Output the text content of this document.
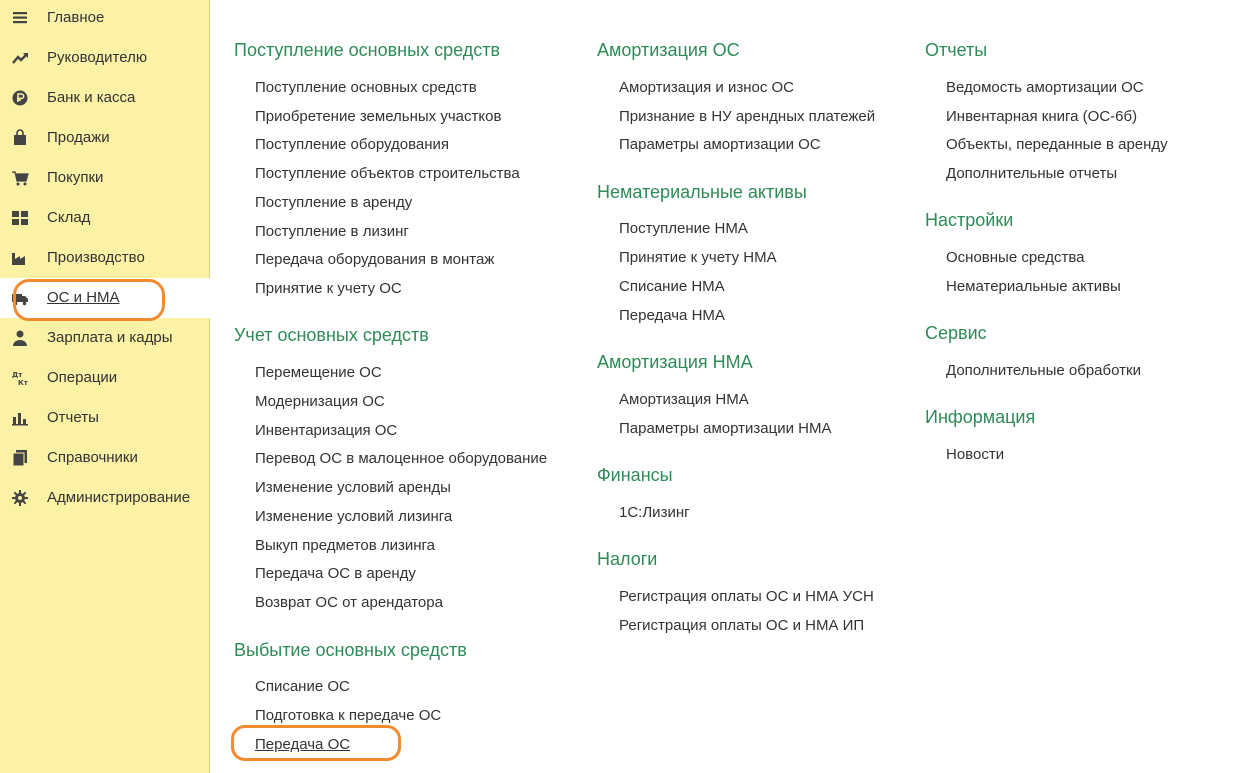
Главное
Руководителю
Банк и касса
Продажи
Покупки
Склад
Производство
ОС и НМА
Зарплата и кадры
Дт
Кт Операции
Отчеты
Справочники
Администрирование
Поступление основных средств
Поступление основных средств
Приобретение земельных участков
Поступление оборудования
Поступление объектов строительства
Поступление в аренду
Поступление в лизинг
Передача оборудования в монтаж
Принятие к учету ОС
Учет основных средств
Перемещение ОС
Модернизация ОС
Инвентаризация ОС
Перевод ОС в малоценное оборудование
Изменение условий аренды
Изменение условий лизинга
Выкуп предметов лизинга
Передача ОС в аренду
Возврат ОС от арендатора
Выбытие основных средств
Списание ОС
Подготовка к передаче ОС
Передача ОС
Амортизация ОС
Амортизация и износ ОС
Признание в НУ арендных платежей
Параметры амортизации ОС
Нематериальные активы
Поступление НМА
Принятие к учету НМА
Списание НМА
Передача НМА
Амортизация НМА
Амортизация НМА
Параметры амортизации НМА
Финансы
1С:Лизинг
Налоги
Регистрация оплаты ОС и НМА УСН
Регистрация оплаты ОС и НМА ИП
Отчеты
Ведомость амортизации ОС
Инвентарная книга (ОС-6б)
Объекты, переданные в аренду
Дополнительные отчеты
Настройки
Основные средства
Нематериальные активы
Сервис
Дополнительные обработки
Информация
Новости
